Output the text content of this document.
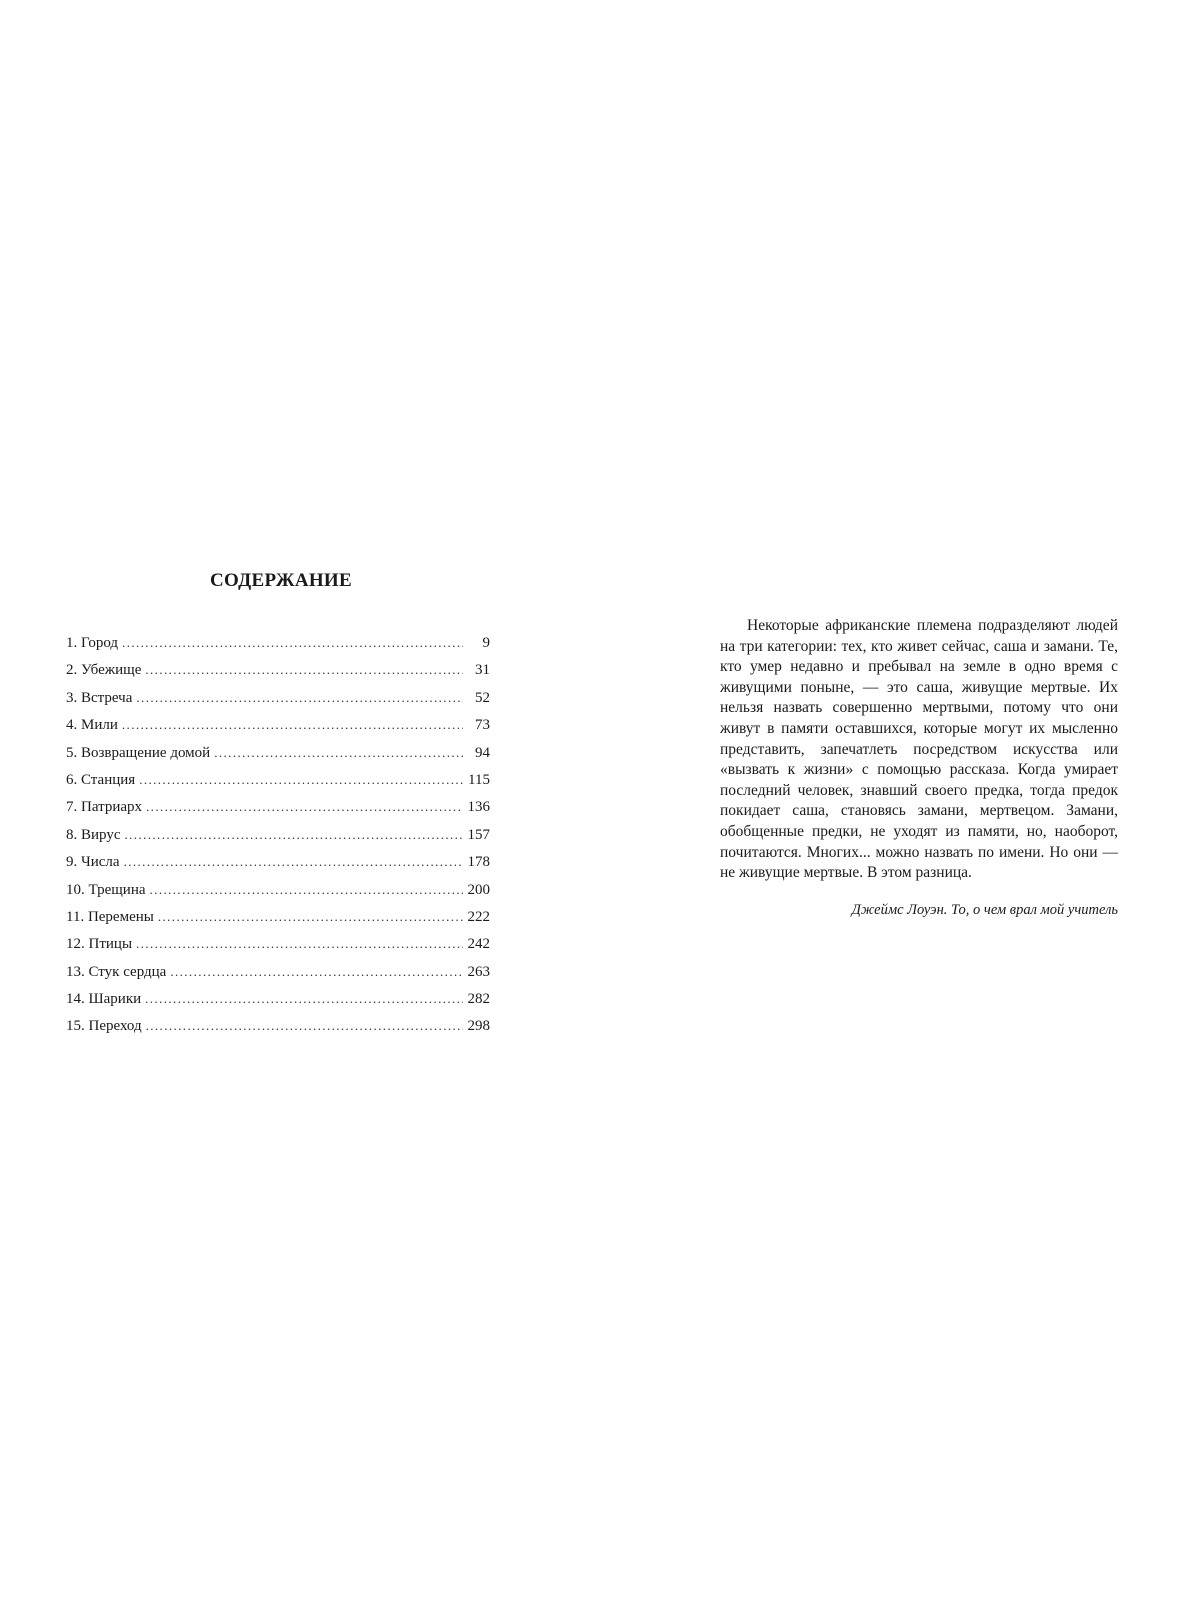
СОДЕРЖАНИЕ
1. Город .....	9
2. Убежище .....	31
3. Встреча .....	52
4. Мили .....	73
5. Возвращение домой .....	94
6. Станция .....	115
7. Патриарх .....	136
8. Вирус .....	157
9. Числа .....	178
10. Трещина .....	200
11. Перемены .....	222
12. Птицы .....	242
13. Стук сердца .....	263
14. Шарики .....	282
15. Переход .....	298

Некоторые африканские племена подразделяют людей на три категории: тех, кто живет сейчас, саша и замани. Те, кто умер недавно и пребывал на земле в одно время с живущими поныне, — это саша, живущие мертвые. Их нельзя назвать совершенно мертвыми, потому что они живут в памяти оставшихся, которые могут их мысленно представить, запечатлеть посредством искусства или «вызвать к жизни» с помощью рассказа. Когда умирает последний человек, знавший своего предка, тогда предок покидает саша, становясь замани, мертвецом. Замани, обобщенные предки, не уходят из памяти, но, наоборот, почитаются. Многих... можно назвать по имени. Но они — не живущие мертвые. В этом разница.

Джеймс Лоуэн. То, о чем врал мой учитель
